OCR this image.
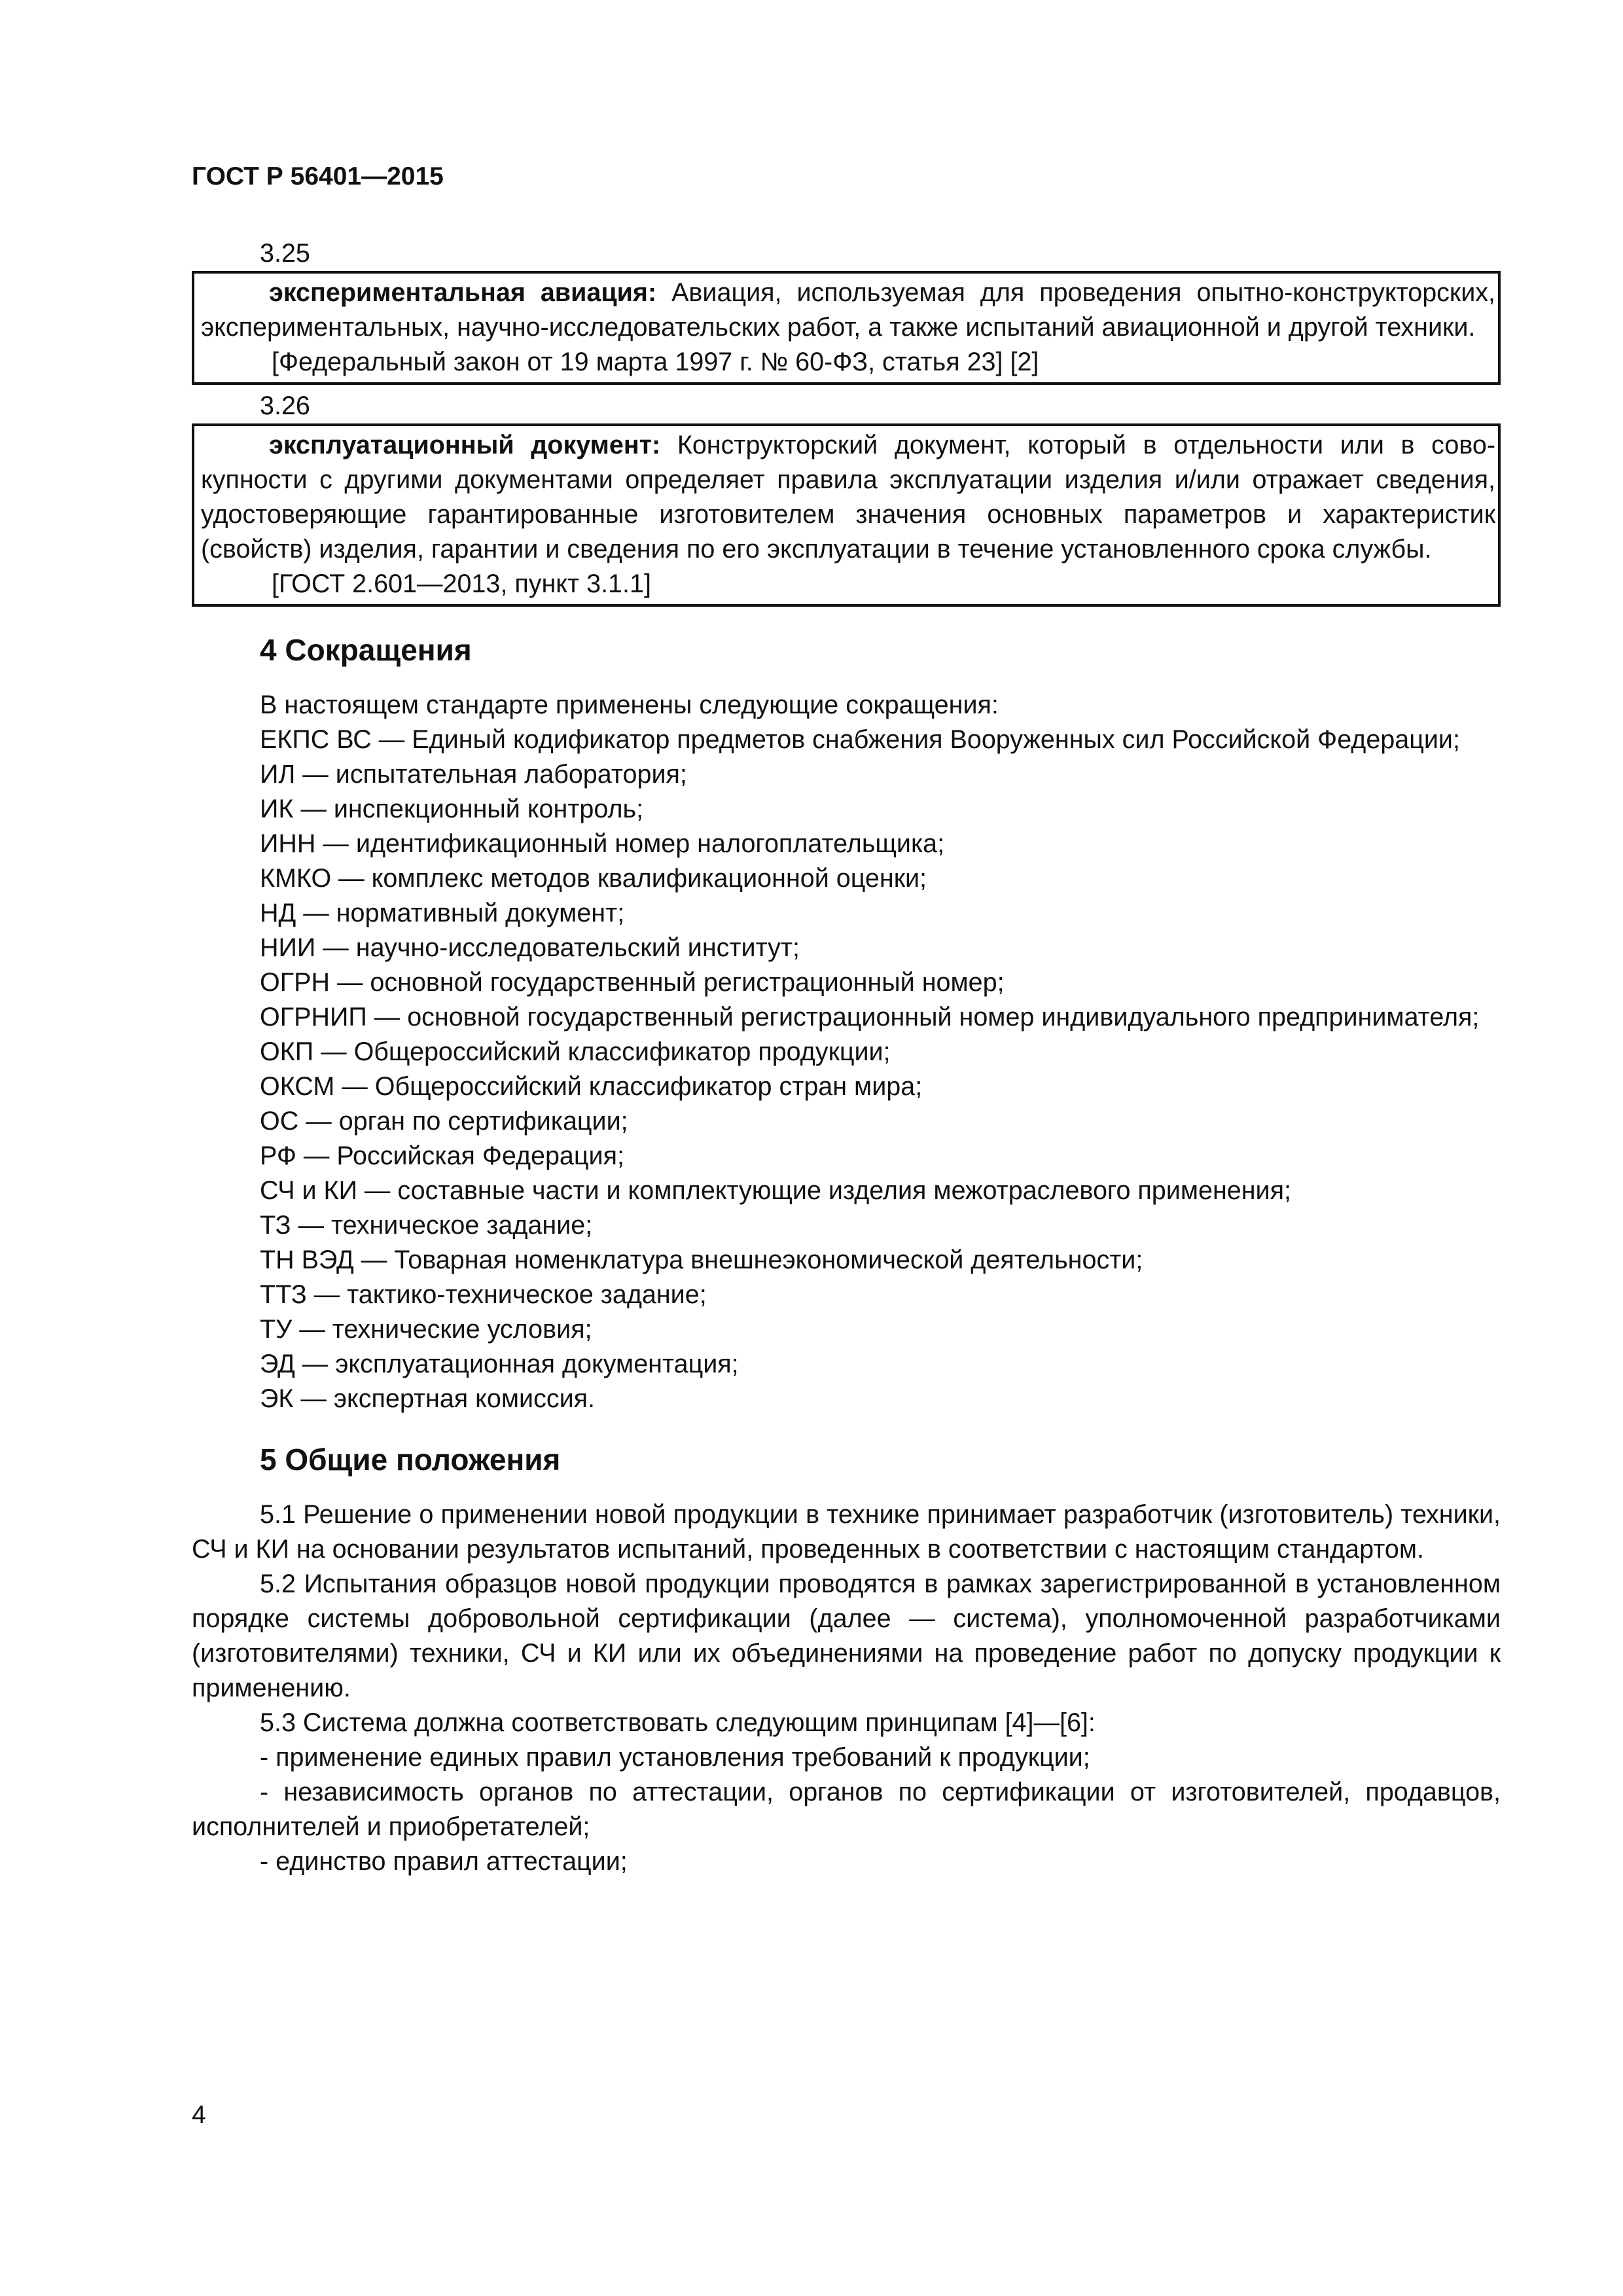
ГОСТ Р 56401—2015
3.25

экспериментальная авиация: Авиация, используемая для проведения опытно-конструкторских, экспериментальных, научно-исследовательских работ, а также испытаний авиационной и другой техники.

[Федеральный закон от 19 марта 1997 г. № 60-ФЗ, статья 23] [2]

3.26

эксплуатационный документ: Конструкторский документ, который в отдельности или в совокупности с другими документами определяет правила эксплуатации изделия и/или отражает сведения, удостоверяющие гарантированные изготовителем значения основных параметров и характеристик (свойств) изделия, гарантии и сведения по его эксплуатации в течение установленного срока службы.

[ГОСТ 2.601—2013, пункт 3.1.1]

4 Сокращения

В настоящем стандарте применены следующие сокращения:

ЕКПС ВС — Единый кодификатор предметов снабжения Вооруженных сил Российской Федерации;

ИЛ — испытательная лаборатория;

ИК — инспекционный контроль;

ИНН — идентификационный номер налогоплательщика;

КМКО — комплекс методов квалификационной оценки;

НД — нормативный документ;

НИИ — научно-исследовательский институт;

ОГРН — основной государственный регистрационный номер;

ОГРНИП — основной государственный регистрационный номер индивидуального предпринимателя;

ОКП — Общероссийский классификатор продукции;

ОКСМ — Общероссийский классификатор стран мира;

ОС — орган по сертификации;

РФ — Российская Федерация;

СЧ и КИ — составные части и комплектующие изделия межотраслевого применения;

ТЗ — техническое задание;

ТН ВЭД — Товарная номенклатура внешнеэкономической деятельности;

ТТЗ — тактико-техническое задание;

ТУ — технические условия;

ЭД — эксплуатационная документация;

ЭК — экспертная комиссия.

5 Общие положения

5.1 Решение о применении новой продукции в технике принимает разработчик (изготовитель) техники, СЧ и КИ на основании результатов испытаний, проведенных в соответствии с настоящим стандартом.

5.2 Испытания образцов новой продукции проводятся в рамках зарегистрированной в установленном порядке системы добровольной сертификации (далее — система), уполномоченной разработчиками (изготовителями) техники, СЧ и КИ или их объединениями на проведение работ по допуску продукции к применению.

5.3 Система должна соответствовать следующим принципам [4]—[6]:

- применение единых правил установления требований к продукции;

- независимость органов по аттестации, органов по сертификации от изготовителей, продавцов, исполнителей и приобретателей;

- единство правил аттестации;

4
